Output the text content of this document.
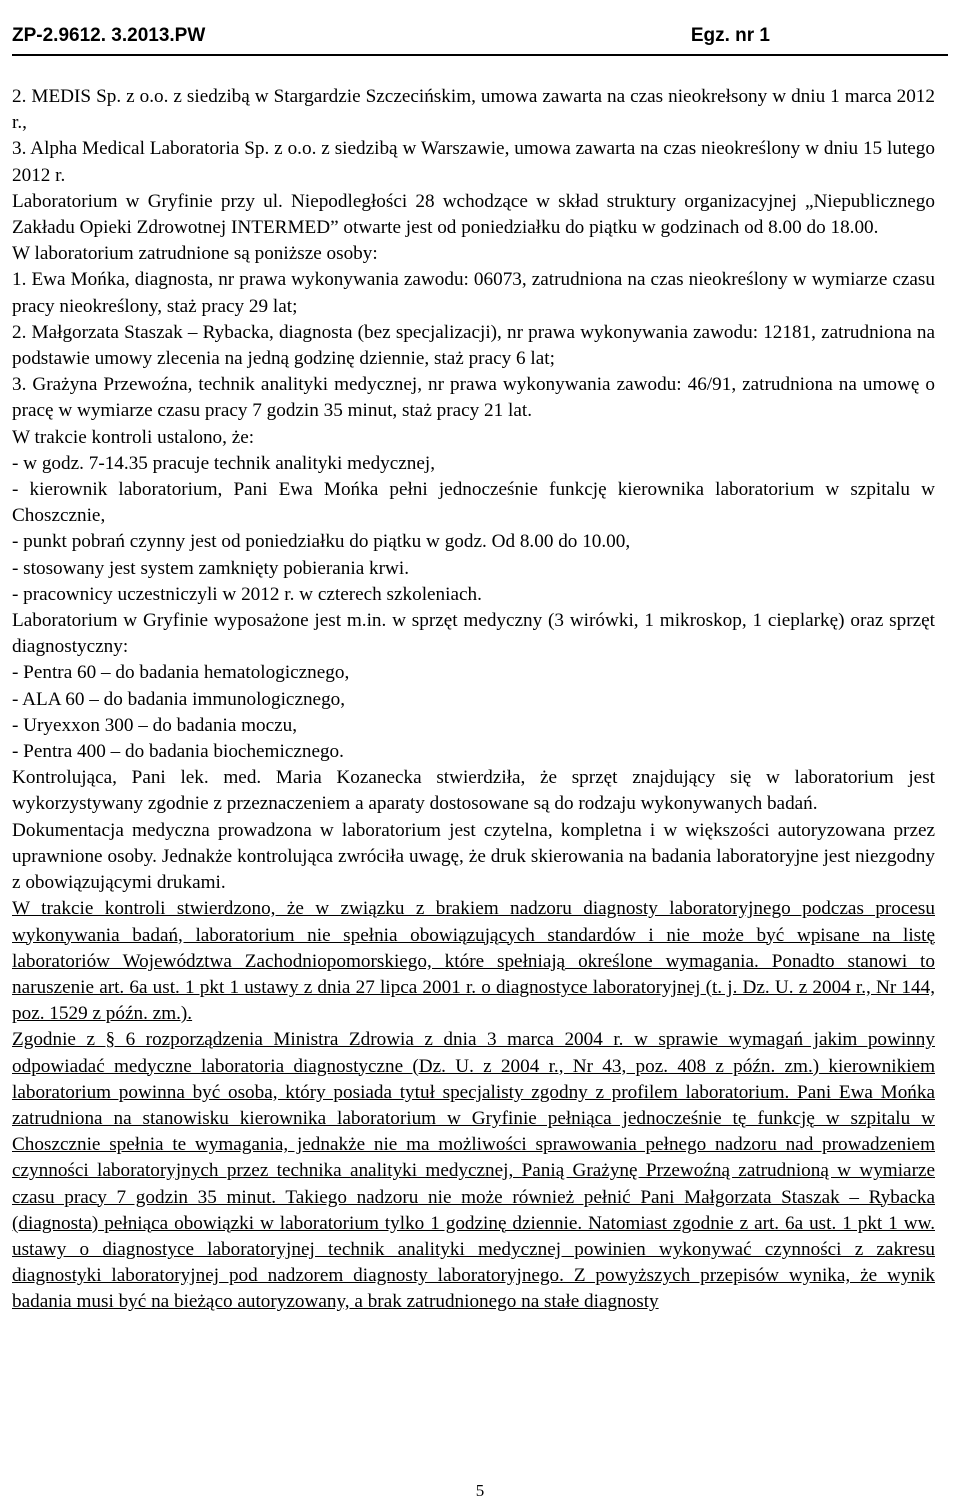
ZP-2.9612. 3.2013.PW	Egz. nr 1

2. MEDIS Sp. z o.o. z siedzibą w Stargardzie Szczecińskim, umowa zawarta na czas nieokrełsony w dniu 1 marca 2012 r.,

3. Alpha Medical Laboratoria Sp. z o.o. z siedzibą w Warszawie, umowa zawarta na czas nieokreślony w dniu 15 lutego 2012 r.

Laboratorium w Gryfinie przy ul. Niepodległości 28 wchodzące w skład struktury organizacyjnej „Niepublicznego Zakładu Opieki Zdrowotnej INTERMED” otwarte jest od poniedziałku do piątku w godzinach od 8.00 do 18.00.

W laboratorium zatrudnione są poniższe osoby:

1. Ewa Mońka, diagnosta, nr prawa wykonywania zawodu: 06073, zatrudniona na czas nieokreślony w wymiarze czasu pracy nieokreślony, staż pracy 29 lat;

2. Małgorzata Staszak – Rybacka, diagnosta (bez specjalizacji), nr prawa wykonywania zawodu: 12181, zatrudniona na podstawie umowy zlecenia na jedną godzinę dziennie, staż pracy 6 lat;

3. Grażyna Przewoźna, technik analityki medycznej, nr prawa wykonywania zawodu: 46/91, zatrudniona na umowę o pracę w wymiarze czasu pracy 7 godzin 35 minut, staż pracy 21 lat.

W trakcie kontroli ustalono, że:

- w godz. 7-14.35 pracuje technik analityki medycznej,

- kierownik laboratorium, Pani Ewa Mońka pełni jednocześnie funkcję kierownika laboratorium w szpitalu w Choszcznie,

- punkt pobrań czynny jest od poniedziałku do piątku w godz. Od 8.00 do 10.00,

- stosowany jest system zamknięty pobierania krwi.

- pracownicy uczestniczyli w 2012 r. w czterech szkoleniach.

Laboratorium w Gryfinie wyposażone jest m.in. w sprzęt medyczny (3 wirówki, 1 mikroskop, 1 cieplarkę) oraz sprzęt diagnostyczny:

- Pentra 60 – do badania hematologicznego,

- ALA 60 – do badania immunologicznego,

- Uryexxon 300 – do badania moczu,

- Pentra 400 – do badania biochemicznego.

Kontrolująca, Pani lek. med. Maria Kozanecka stwierdziła, że sprzęt znajdujący się w laboratorium jest wykorzystywany zgodnie z przeznaczeniem a aparaty dostosowane są do rodzaju wykonywanych badań.

Dokumentacja medyczna prowadzona w laboratorium jest czytelna, kompletna i w większości autoryzowana przez uprawnione osoby. Jednakże kontrolująca zwróciła uwagę, że druk skierowania na badania laboratoryjne jest niezgodny z obowiązującymi drukami.

W trakcie kontroli stwierdzono, że w związku z brakiem nadzoru diagnosty laboratoryjnego podczas procesu wykonywania badań, laboratorium nie spełnia obowiązujących standardów i nie może być wpisane na listę laboratoriów Województwa Zachodniopomorskiego, które spełniają określone wymagania. Ponadto stanowi to naruszenie art. 6a ust. 1 pkt 1 ustawy z dnia 27 lipca 2001 r. o diagnostyce laboratoryjnej (t. j. Dz. U. z 2004 r., Nr 144, poz. 1529 z późn. zm.).

Zgodnie z § 6 rozporządzenia Ministra Zdrowia z dnia 3 marca 2004 r. w sprawie wymagań jakim powinny odpowiadać medyczne laboratoria diagnostyczne (Dz. U. z 2004 r., Nr 43, poz. 408 z późn. zm.) kierownikiem laboratorium powinna być osoba, który posiada tytuł specjalisty zgodny z profilem laboratorium. Pani Ewa Mońka zatrudniona na stanowisku kierownika laboratorium w Gryfinie pełniąca jednocześnie tę funkcję w szpitalu w Choszcznie spełnia te wymagania, jednakże nie ma możliwości sprawowania pełnego nadzoru nad prowadzeniem czynności laboratoryjnych przez technika analityki medycznej, Panią Grażynę Przewoźną zatrudnioną w wymiarze czasu pracy 7 godzin 35 minut. Takiego nadzoru nie może również pełnić Pani Małgorzata Staszak – Rybacka (diagnosta) pełniąca obowiązki w laboratorium tylko 1 godzinę dziennie. Natomiast zgodnie z art. 6a ust. 1 pkt 1 ww. ustawy o diagnostyce laboratoryjnej technik analityki medycznej powinien wykonywać czynności z zakresu diagnostyki laboratoryjnej pod nadzorem diagnosty laboratoryjnego. Z powyższych przepisów wynika, że wynik badania musi być na bieżąco autoryzowany, a brak zatrudnionego na stałe diagnosty

5
